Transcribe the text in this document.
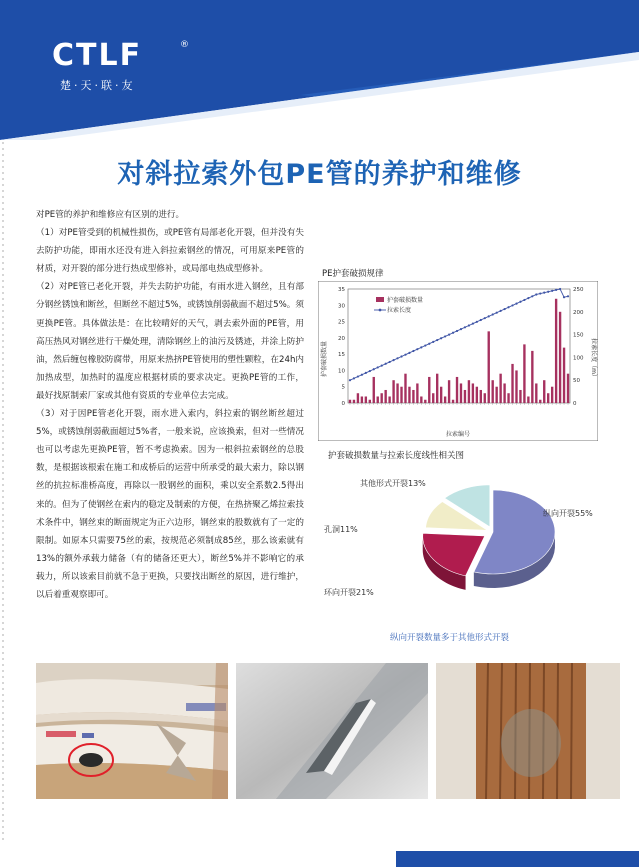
CTLF	®
楚·天·联·友
对斜拉索外包PE管的养护和维修

对PE管的养护和维修应有区别的进行。

（1）对PE管受到的机械性损伤，或PE管有局部老化开裂，但并没有失去防护功能，即雨水还没有进入斜拉索钢丝的情况，可用原来PE管的材质，对开裂的部分进行热成型修补，或局部电热成型修补。

（2）对PE管已老化开裂，并失去防护功能，有雨水进入钢丝，且有部分钢丝锈蚀和断丝，但断丝不超过5%，或锈蚀削弱截面不超过5%。须更换PE管。具体做法是：在比较晴好的天气，剥去索外面的PE管，用高压热风对钢丝进行干燥处理，清除钢丝上的油污及锈迹，并涂上防护油，然后缠包橡胶防腐带，用原来热挤PE管使用的塑性颗粒，在24h内加热成型，加热时的温度应根据材质的要求决定。更换PE管的工作，最好找原制索厂家或其他有资质的专业单位去完成。

（3）对于因PE管老化开裂，雨水进入索内，斜拉索的钢丝断丝超过5%，或锈蚀削弱截面超过5%者，一般来说，应该换索，但对一些情况也可以考虑先更换PE管，暂不考虑换索。因为一根斜拉索钢丝的总股数，是根据该根索在施工和成桥后的运营中所承受的最大索力，除以钢丝的抗拉标准桥高度，再除以一股钢丝的面积，乘以安全系数2.5得出来的。但为了使钢丝在索内的稳定及制索的方便，在热挤聚乙烯拉索技术条件中，钢丝束的断面规定为正六边形，钢丝束的股数就有了一定的限制。如原本只需要75丝的索，按规范必须制成85丝，那么该索就有13%的额外承载力储备（有的储备还更大），断丝5%并不影响它的承载力，所以该索目前就不急于更换，只要找出断丝的原因，进行维护，以后着重观察即可。

PE护套破损规律
0
5
10
15
20
25
30
35
0
50
100
150
200
250
护套破损数量	拉索长度（m）
拉索编号
护套破损数量
拉索长度
护套破损数量与拉索长度线性相关图
纵向开裂55%
环向开裂21%
孔洞11%
其他形式开裂13%
纵向开裂数量多于其他形式开裂
